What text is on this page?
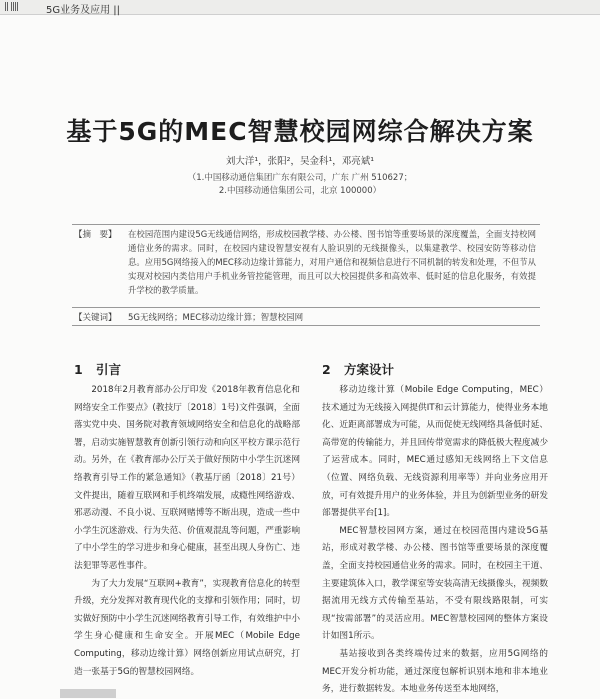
|| ||||	5G业务及应用 ||
基于5G的MEC智慧校园网综合解决方案
刘大洋¹，张阳²，吴金科¹，邓亮斌¹
（1.中国移动通信集团广东有限公司，广东 广州 510627；
2.中国移动通信集团公司，北京 100000）
【摘　要】 在校园范围内建设5G无线通信网络，形成校园教学楼、办公楼、图书馆等重要场景的深度覆盖，全面支持校网通信业务的需求。同时，在校园内建设智慧安视有人脸识别的无线摄像头，以集建教学、校园安防等移动信息。应用5G网络接入的MEC移动边缘计算能力，对用户通信和视频信息进行不同机制的转发和处理，不但节从实现对校园内类信用户手机业务管控能管理，而且可以大校园提供多和高效率、低时延的信息化服务，有效提升学校的教学质量。
【关键词】 5G无线网络；MEC移动边缘计算；智慧校园网
1 引言

2018年2月教育部办公厅印发《2018年教育信息化和网络安全工作要点》(教技厅〔2018〕1号)文件强调，全面落实党中央、国务院对教育领域网络安全和信息化的战略部署，启动实施智慧教育创新引领行动和向区平校方课示范行动。另外，在《教育部办公厅关于做好预防中小学生沉迷网络教育引导工作的紧急通知》（教基厅函〔2018〕21号）文件提出，随着互联网和手机终端发展，成瘾性网络游戏、邪恶动漫、不良小说、互联网赌博等不断出现，造成一些中小学生沉迷游戏、行为失范、价值观混乱等问题，严重影响了中小学生的学习进步和身心健康，甚至出现人身伤亡、违法犯罪等恶性事件。

为了大力发展“互联网+教育”，实现教育信息化的转型升级，充分发挥对教育现代化的支撑和引领作用；同时，切实做好预防中小学生沉迷网络教育引导工作，有效维护中小学生身心健康和生命安全。开展MEC（Mobile Edge Computing，移动边缘计算）网络创新应用试点研究，打造一张基于5G的智慧校园网络。

2 方案设计

移动边缘计算（Mobile Edge Computing，MEC）技术通过为无线接入网提供IT和云计算能力，使得业务本地化、近距离部署成为可能，从而促使无线网络具备低时延、高带宽的传输能力，并且回传带宽需求的降低极大程度减少了运营成本。同时，MEC通过感知无线网络上下文信息（位置、网络负载、无线资源利用率等）并向业务应用开放，可有效提升用户的业务体验，并且为创新型业务的研发部署提供平台[1]。

MEC智慧校园网方案，通过在校园范围内建设5G基站，形成对教学楼、办公楼、图书馆等重要场景的深度覆盖，全面支持校园通信业务的需求。同时，在校园主干道、主要建筑体入口，教学课室等安装高清无线摄像头，视频数据流用无线方式传输至基站，不受有限线路限制，可实现“按需部署”的灵活应用。MEC智慧校园网的整体方案设计如图1所示。

基站接收到各类终端传过来的数据，应用5G网络的MEC开发分析功能，通过深度包解析识别本地和非本地业务，进行数据转发。本地业务传送至本地网络，
